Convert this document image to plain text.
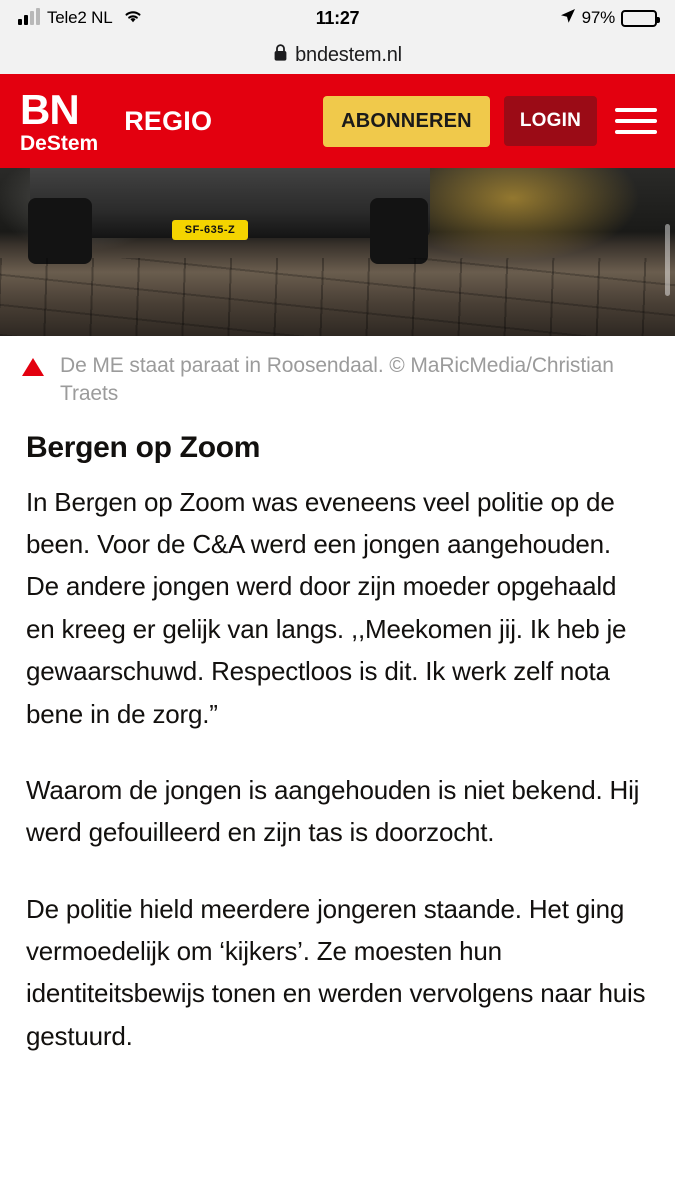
Tele2 NL	11:27	97%
bndestem.nl
BN
DeStem
REGIO	ABONNEREN	LOGIN
SF-635-Z
De ME staat paraat in Roosendaal. © MaRicMedia/Christian Traets
Bergen op Zoom

In Bergen op Zoom was eveneens veel politie op de been. Voor de C&A werd een jongen aangehouden. De andere jongen werd door zijn moeder opgehaald en kreeg er gelijk van langs. ,,Meekomen jij. Ik heb je gewaarschuwd. Respectloos is dit. Ik werk zelf nota bene in de zorg.”

Waarom de jongen is aangehouden is niet bekend. Hij werd gefouilleerd en zijn tas is doorzocht.

De politie hield meerdere jongeren staande. Het ging vermoedelijk om ‘kijkers’. Ze moesten hun identiteitsbewijs tonen en werden vervolgens naar huis gestuurd.
